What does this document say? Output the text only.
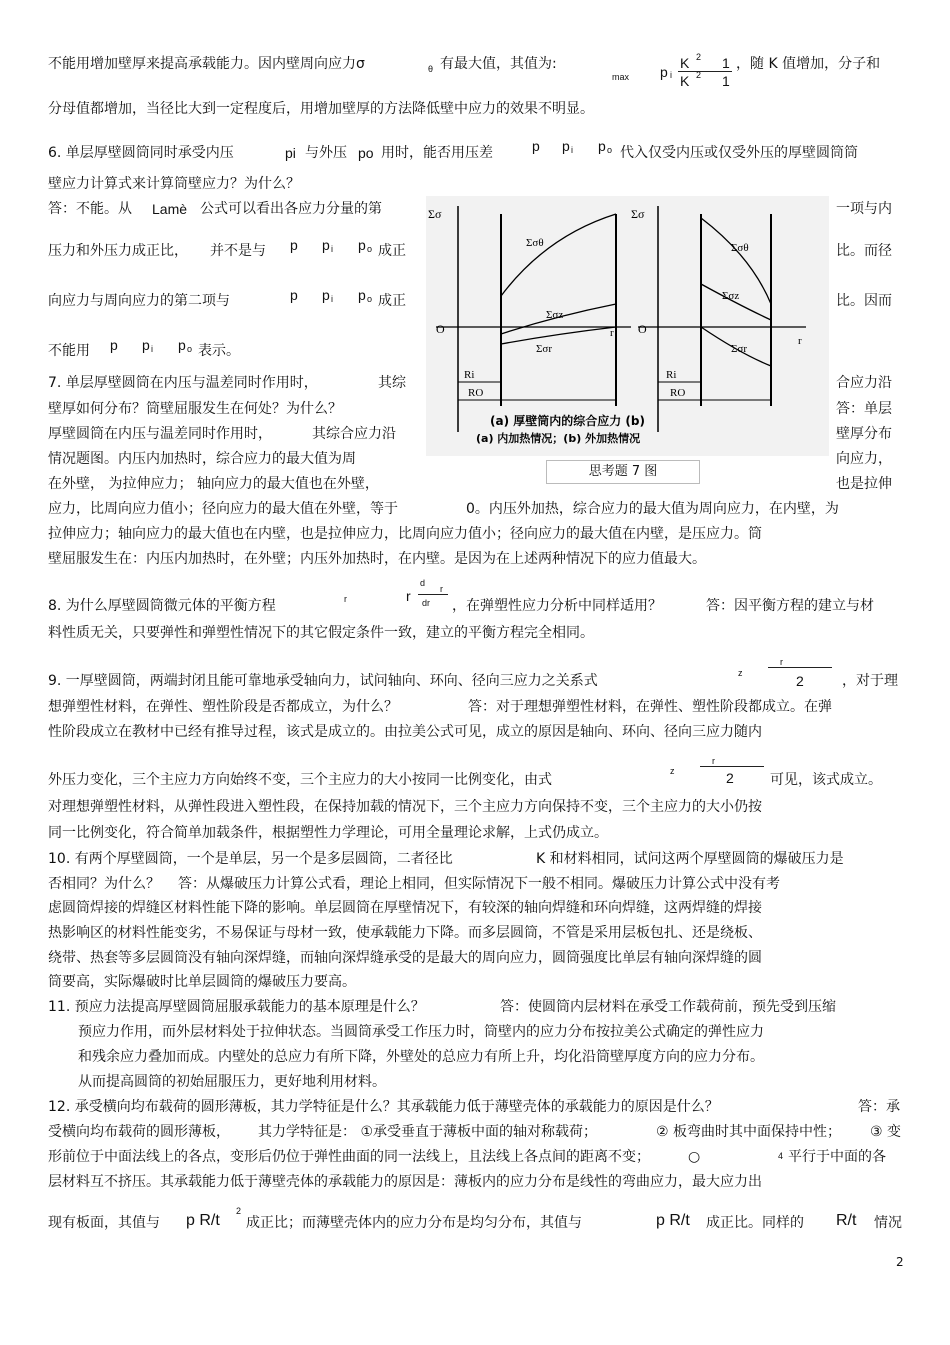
不能用增加壁厚来提高承载能力。因内壁周向应力σ	θ 有最大值，其值为:
max p i
K 2 1
K 2 1
，随 K 值增加，分子和
分母值都增加，当径比大到一定程度后，用增加壁厚的方法降低壁中应力的效果不明显。
6. 单层厚壁圆筒同时承受内压	pi 与外压 po 用时，能否用压差	p p i p o 代入仅受内压或仅受外压的厚壁圆筒筒
壁应力计算式来计算筒壁应力？为什么？
答：不能。从 Lamè 公式可以看出各应力分量的第	一项与内
压力和外压力成正比， 并不是与 p p i p o 成正	比。而径
向应力与周向应力的第二项与	p p i p o 成正	比。因而
不能用 p p i p o 表示。
7. 单层厚壁圆筒在内压与温差同时作用时，	其综	合应力沿
壁厚如何分布？筒壁屈服发生在何处？为什么？	答：单层
厚壁圆筒在内压与温差同时作用时，	其综合应力沿	壁厚分布
情况题图。内压内加热时，综合应力的最大值为周	向应力，
在外壁， 为拉伸应力； 轴向应力的最大值也在外壁，	也是拉伸
应力，比周向应力值小；径向应力的最大值在外壁，等于	0。内压外加热，综合应力的最大值为周向应力，在内壁，为
拉伸应力；轴向应力的最大值也在内壁，也是拉伸应力，比周向应力值小；径向应力的最大值在内壁，是压应力。筒
壁屈服发生在：内压内加热时，在外壁；内压外加热时，在内壁。是因为在上述两种情况下的应力值最大。
Σσ
Σσθ
Σσz
Σσr
r
O
Ri
RO
Σσ
Σσθ
Σσz
Σσr
r
O
Ri
RO
(a) 厚壁筒内的综合应力 (b)
(a) 内加热情况；(b) 外加热情况
思考题 7 图
8. 为什么厚壁圆筒微元体的平衡方程	r	r
d
r
dr ，在弹塑性应力分析中同样适用？	答：因平衡方程的建立与材
料性质无关，只要弹性和弹塑性情况下的其它假定条件一致，建立的平衡方程完全相同。
9. 一厚壁圆筒，两端封闭且能可靠地承受轴向力，试问轴向、环向、径向三应力之关系式	z
r
2	，对于理
想弹塑性材料，在弹性、塑性阶段是否都成立，为什么？	答：对于理想弹塑性材料，在弹性、塑性阶段都成立。在弹
性阶段成立在教材中已经有推导过程，该式是成立的。由拉美公式可见，成立的原因是轴向、环向、径向三应力随内
外压力变化，三个主应力方向始终不变，三个主应力的大小按同一比例变化，由式
z
r
2	可见，该式成立。
对理想弹塑性材料，从弹性段进入塑性段，在保持加载的情况下，三个主应力方向保持不变，三个主应力的大小仍按
同一比例变化，符合简单加载条件，根据塑性力学理论，可用全量理论求解，上式仍成立。
10. 有两个厚壁圆筒，一个是单层，另一个是多层圆筒，二者径比	K 和材料相同，试问这两个厚壁圆筒的爆破压力是
否相同？为什么？ 答：从爆破压力计算公式看，理论上相同，但实际情况下一般不相同。爆破压力计算公式中没有考
虑圆筒焊接的焊缝区材料性能下降的影响。单层圆筒在厚壁情况下，有较深的轴向焊缝和环向焊缝，这两焊缝的焊接
热影响区的材料性能变劣，不易保证与母材一致，使承载能力下降。而多层圆筒，不管是采用层板包扎、还是绕板、
绕带、热套等多层圆筒没有轴向深焊缝，而轴向深焊缝承受的是最大的周向应力，圆筒强度比单层有轴向深焊缝的圆
筒要高，实际爆破时比单层圆筒的爆破压力要高。
11. 预应力法提高厚壁圆筒屈服承载能力的基本原理是什么？	答：使圆筒内层材料在承受工作载荷前，预先受到压缩
预应力作用，而外层材料处于拉伸状态。当圆筒承受工作压力时，筒壁内的应力分布按拉美公式确定的弹性应力
和残余应力叠加而成。内壁处的总应力有所下降，外壁处的总应力有所上升，均化沿筒壁厚度方向的应力分布。
从而提高圆筒的初始屈服压力，更好地利用材料。
12. 承受横向均布载荷的圆形薄板，其力学特征是什么？其承载能力低于薄壁壳体的承载能力的原因是什么？	答：承
受横向均布载荷的圆形薄板， 其力学特征是： ①承受垂直于薄板中面的轴对称载荷；	② 板弯曲时其中面保持中性； ③ 变
形前位于中面法线上的各点，变形后仍位于弹性曲面的同一法线上，且法线上各点间的距离不变；	○	4 平行于中面的各
层材料互不挤压。其承载能力低于薄壁壳体的承载能力的原因是：薄板内的应力分布是线性的弯曲应力，最大应力出
现有板面，其值与 p R/t
2
成正比；而薄壁壳体内的应力分布是均匀分布，其值与	p R/t 成正比。同样的 R/t 情况
2
